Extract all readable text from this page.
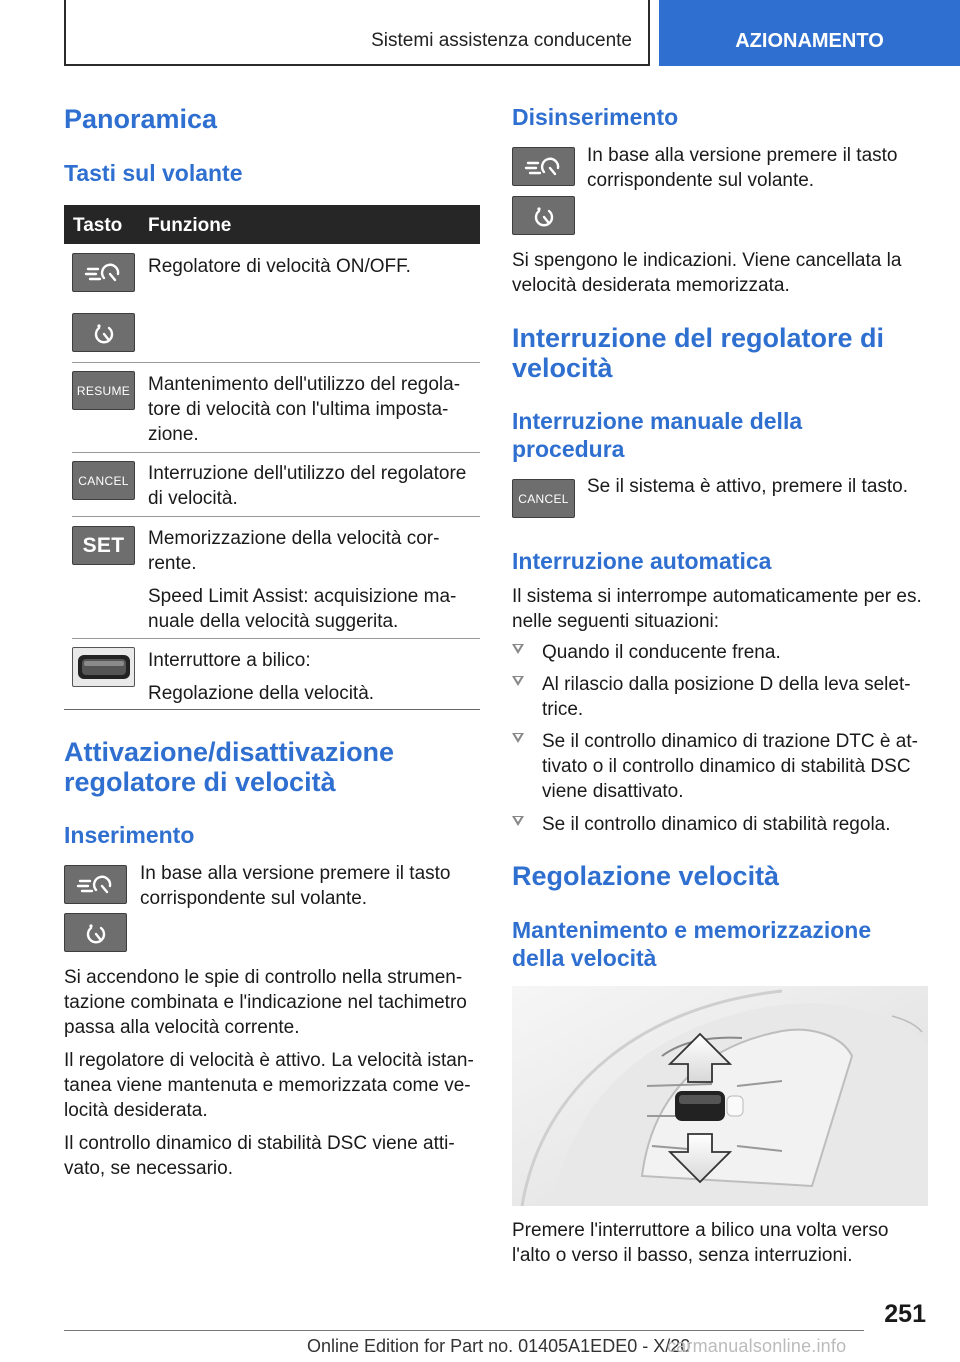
Sistemi assistenza conducente	AZIONAMENTO
Panoramica
Tasti sul volante
Tasto Funzione
Regolatore di velocità ON/OFF.
RESUME Mantenimento dell'utilizzo del regola-
tore di velocità con l'ultima imposta-
zione.
CANCEL Interruzione dell'utilizzo del regolatore
di velocità.
SET Memorizzazione della velocità cor-
rente.
Speed Limit Assist: acquisizione ma-
nuale della velocità suggerita.
Interruttore a bilico:
Regolazione della velocità.
Attivazione/disattivazione
regolatore di velocità
Inserimento
In base alla versione premere il tasto
corrispondente sul volante.
Si accendono le spie di controllo nella strumen-
tazione combinata e l'indicazione nel tachimetro
passa alla velocità corrente.
Il regolatore di velocità è attivo. La velocità istan-
tanea viene mantenuta e memorizzata come ve-
locità desiderata.
Il controllo dinamico di stabilità DSC viene atti-
vato, se necessario.
Disinserimento
In base alla versione premere il tasto
corrispondente sul volante.
Si spengono le indicazioni. Viene cancellata la
velocità desiderata memorizzata.
Interruzione del regolatore di
velocità
Interruzione manuale della
procedura
CANCEL
Se il sistema è attivo, premere il tasto.
Interruzione automatica
Il sistema si interrompe automaticamente per es.
nelle seguenti situazioni:
Quando il conducente frena.
Al rilascio dalla posizione D della leva selet-
trice.
Se il controllo dinamico di trazione DTC è at-
tivato o il controllo dinamico di stabilità DSC
viene disattivato.
Se il controllo dinamico di stabilità regola.
Regolazione velocità
Mantenimento e memorizzazione
della velocità
Premere l'interruttore a bilico una volta verso
l'alto o verso il basso, senza interruzioni.
251
Online Edition for Part no. 01405A1EDE0 - X/20
carmanualsonline.info
